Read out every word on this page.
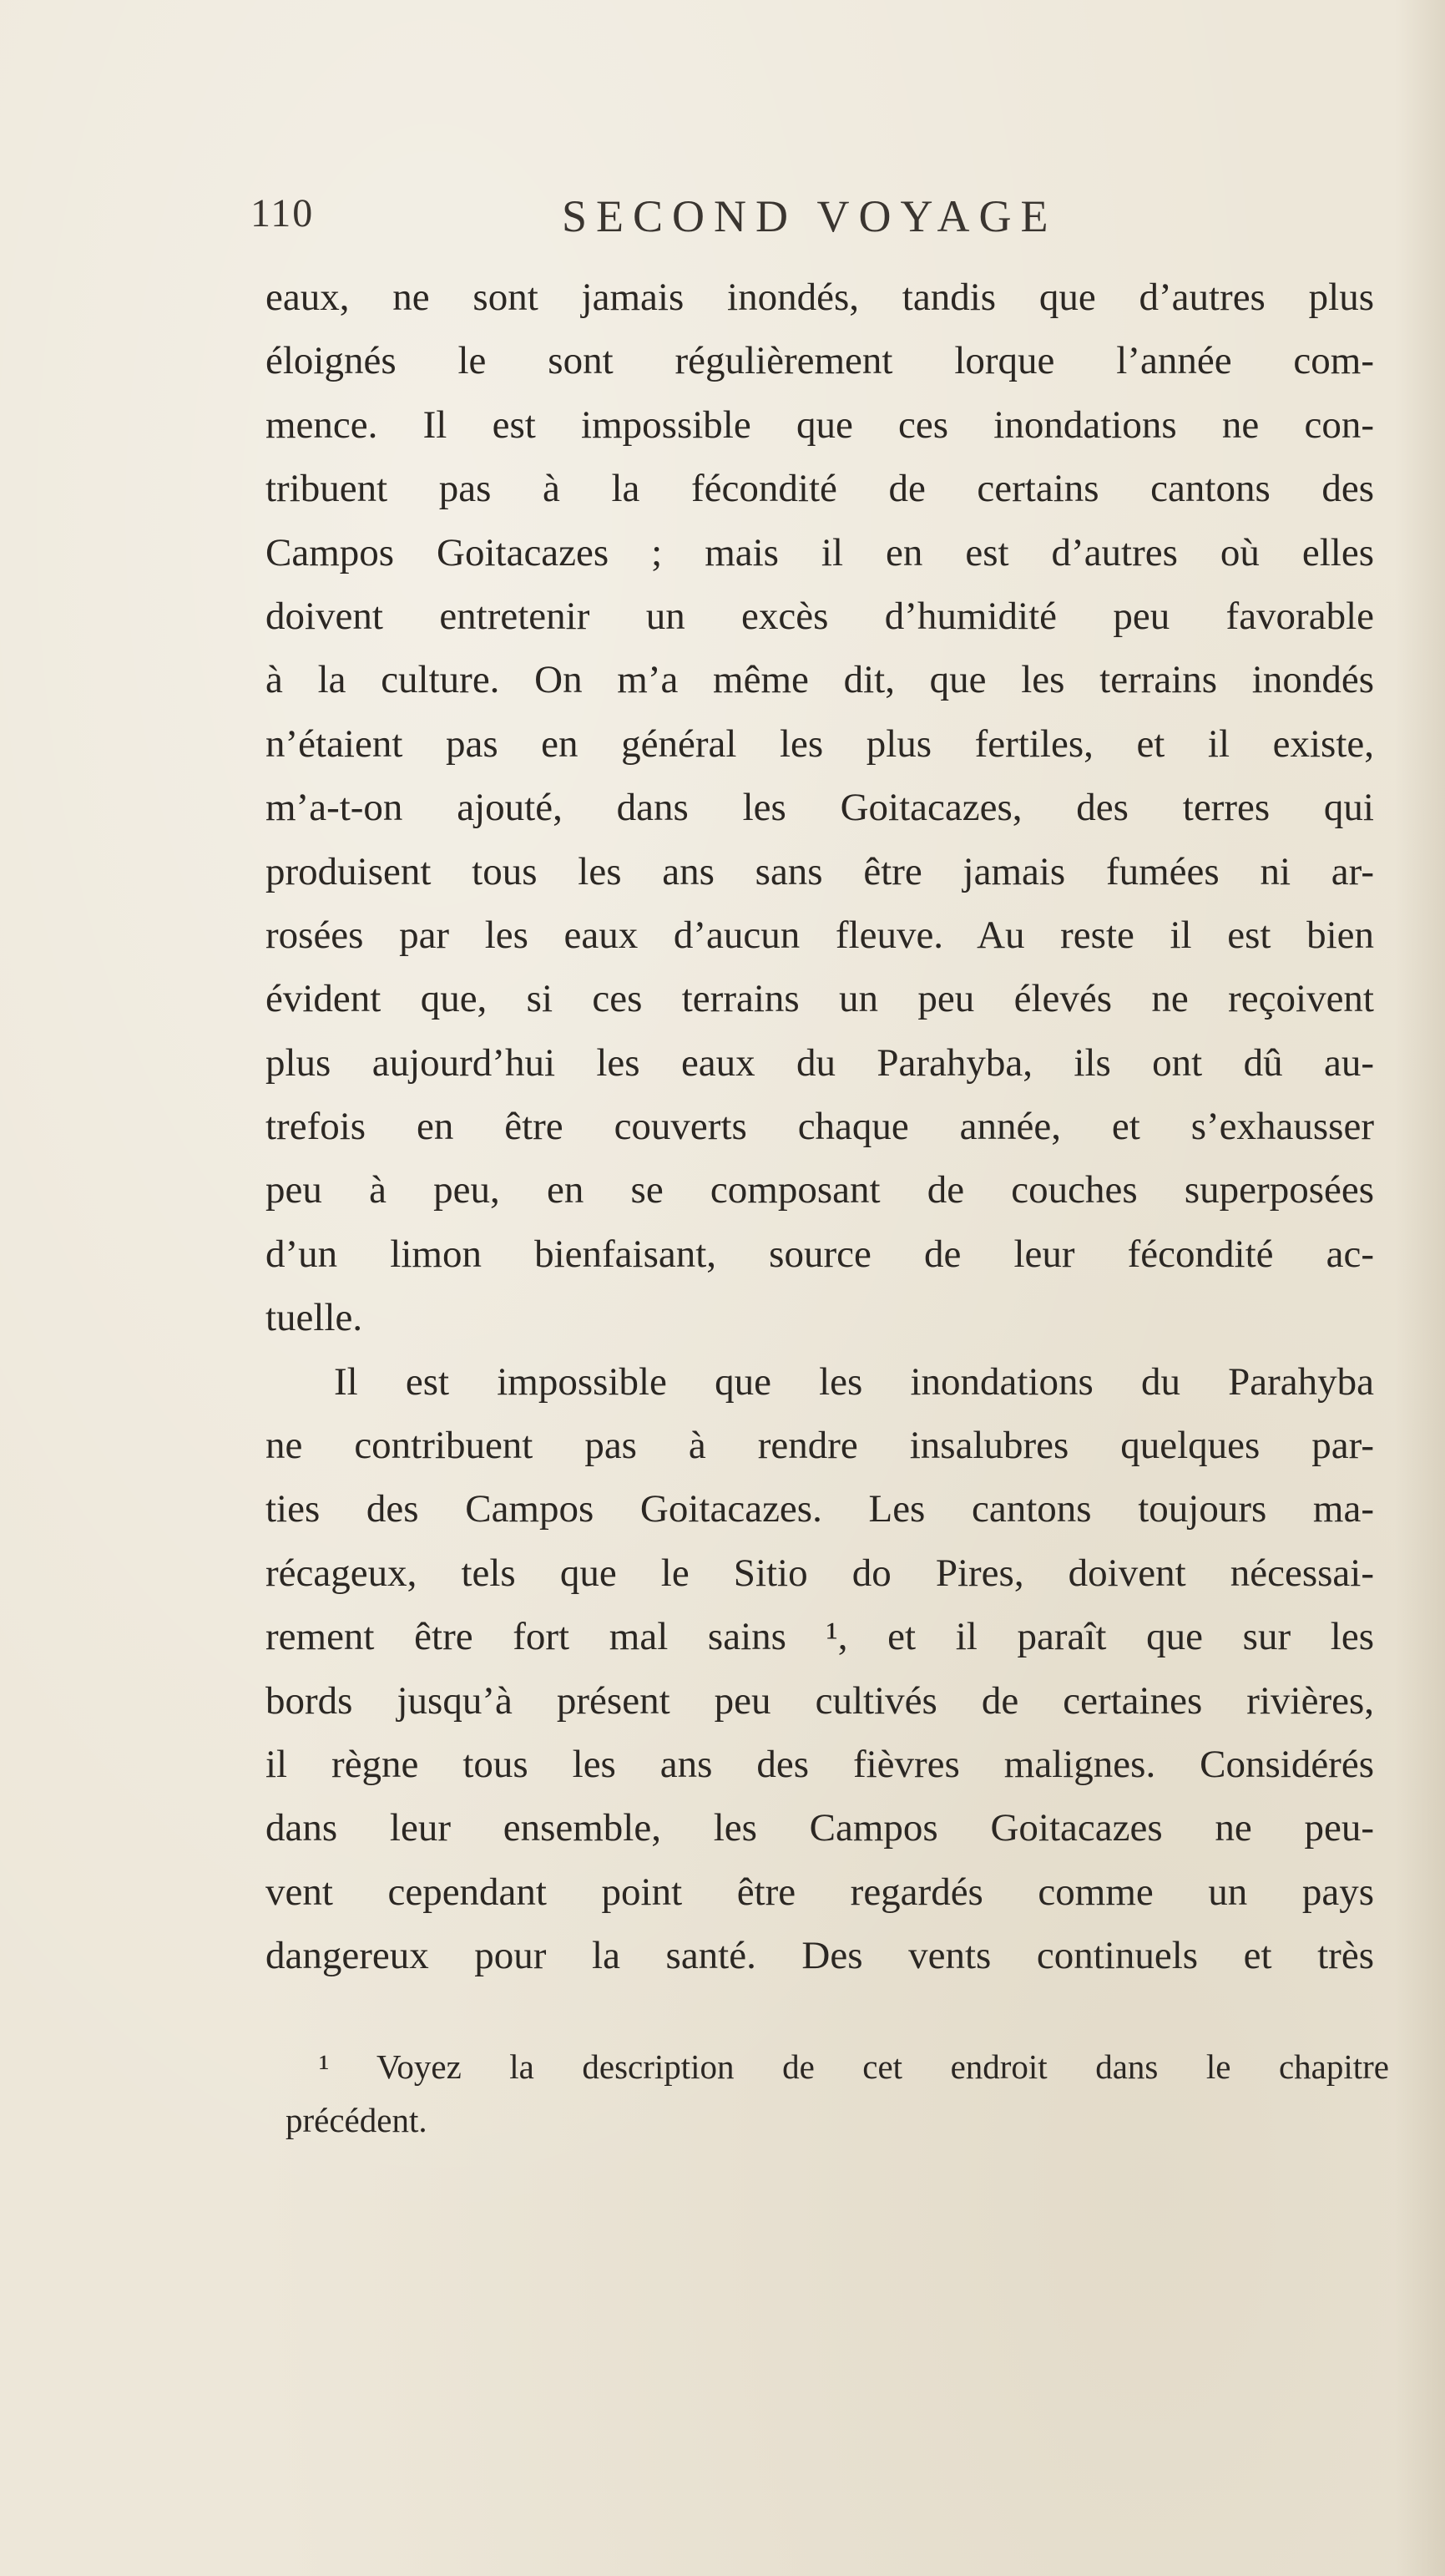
110	SECOND VOYAGE
eaux, ne sont jamais inondés, tandis que d’autres plus
éloignés le sont régulièrement lorque l’année com-
mence. Il est impossible que ces inondations ne con-
tribuent pas à la fécondité de certains cantons des
Campos Goitacazes ; mais il en est d’autres où elles
doivent entretenir un excès d’humidité peu favorable
à la culture. On m’a même dit, que les terrains inondés
n’étaient pas en général les plus fertiles, et il existe,
m’a-t-on ajouté, dans les Goitacazes, des terres qui
produisent tous les ans sans être jamais fumées ni ar-
rosées par les eaux d’aucun fleuve. Au reste il est bien
évident que, si ces terrains un peu élevés ne reçoivent
plus aujourd’hui les eaux du Parahyba, ils ont dû au-
trefois en être couverts chaque année, et s’exhausser
peu à peu, en se composant de couches superposées
d’un limon bienfaisant, source de leur fécondité ac-
tuelle.
Il est impossible que les inondations du Parahyba
ne contribuent pas à rendre insalubres quelques par-
ties des Campos Goitacazes. Les cantons toujours ma-
récageux, tels que le Sitio do Pires, doivent nécessai-
rement être fort mal sains ¹, et il paraît que sur les
bords jusqu’à présent peu cultivés de certaines rivières,
il règne tous les ans des fièvres malignes. Considérés
dans leur ensemble, les Campos Goitacazes ne peu-
vent cependant point être regardés comme un pays
dangereux pour la santé. Des vents continuels et très
¹ Voyez la description de cet endroit dans le chapitre
précédent.
